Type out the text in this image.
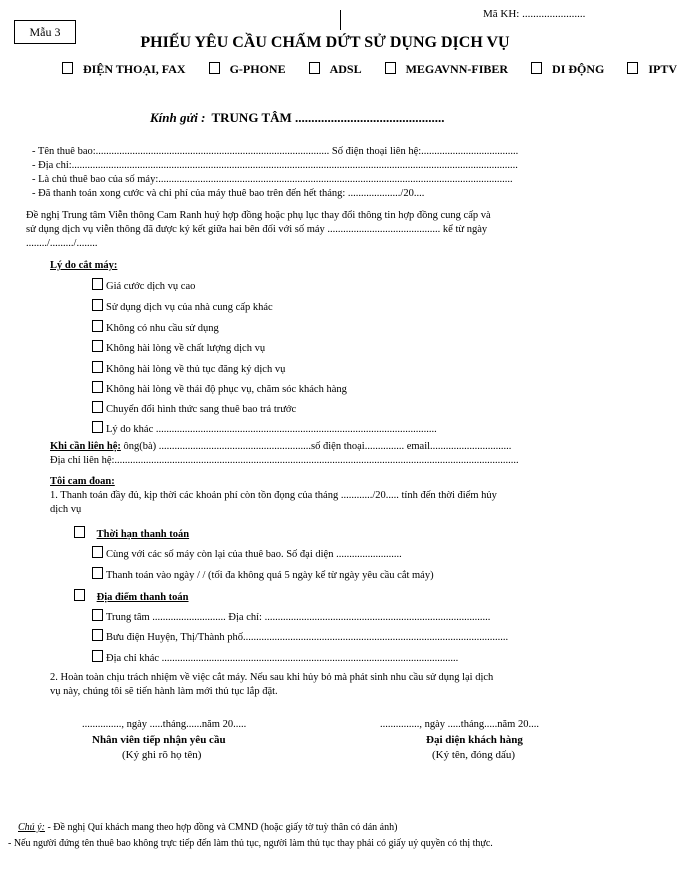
Mẫu 3
Mã KH: .......................
PHIẾU YÊU CẦU CHẤM DỨT SỬ DỤNG DỊCH VỤ
ĐIỆN THOẠI, FAX	G-PHONE	ADSL	MEGAVNN-FIBER	DI ĐỘNG	IPTV
Kính gửi : TRUNG TÂM ..............................................
- Tên thuê bao:......................................................................................... Số điện thoại liên hệ:.....................................
- Địa chỉ:..........................................................................................................................................................................
- Là chủ thuê bao của số máy:.......................................................................................................................................
- Đã thanh toán xong cước và chi phí của máy thuê bao trên đến hết tháng: ..................../20....
Đề nghị Trung tâm Viễn thông Cam Ranh huỷ hợp đồng hoặc phụ lục thay đổi thông tin hợp đồng cung cấp và
sử dụng dịch vụ viễn thông đã được ký kết giữa hai bên đối với số máy ........................................... kể từ ngày
......../........./........
Lý do cắt máy:
Giá cước dịch vụ cao
Sử dụng dịch vụ của nhà cung cấp khác
Không có nhu cầu sử dụng
Không hài lòng về chất lượng dịch vụ
Không hài lòng về thủ tục đăng ký dịch vụ
Không hài lòng về thái độ phục vụ, chăm sóc khách hàng
Chuyển đổi hình thức sang thuê bao trả trước
Lý do khác ...........................................................................................................
Khi cần liên hệ: ông(bà) ..........................................................số điện thoại............... email...............................
Địa chỉ liên hệ:..........................................................................................................................................................
Tôi cam đoan:
1. Thanh toán đầy đủ, kịp thời các khoản phí còn tồn đọng của tháng ............/20..... tính đến thời điểm hủy
dịch vụ
Thời hạn thanh toán
Cùng với các số máy còn lại của thuê bao. Số đại diện .........................
Thanh toán vào ngày / / (tối đa không quá 5 ngày kể từ ngày yêu cầu cắt máy)
Địa điểm thanh toán
Trung tâm ............................ Địa chỉ: ......................................................................................
Bưu điện Huyện, Thị/Thành phố.....................................................................................................
Địa chỉ khác .................................................................................................................
2. Hoàn toàn chịu trách nhiệm về việc cắt máy. Nếu sau khi hủy bỏ mà phát sinh nhu cầu sử dụng lại dịch
vụ này, chúng tôi sẽ tiến hành làm mới thủ tục lắp đặt.
..............., ngày .....tháng......năm 20.....	..............., ngày .....tháng.....năm 20....
Nhân viên tiếp nhận yêu cầu
(Ký ghi rõ họ tên)
Đại diện khách hàng
(Ký tên, đóng dấu)
Chú ý: - Đề nghị Quí khách mang theo hợp đồng và CMND (hoặc giấy tờ tuỳ thân có dán ảnh)
- Nếu người đứng tên thuê bao không trực tiếp đến làm thủ tục, người làm thủ tục thay phải có giấy uỷ quyền có thị thực.
